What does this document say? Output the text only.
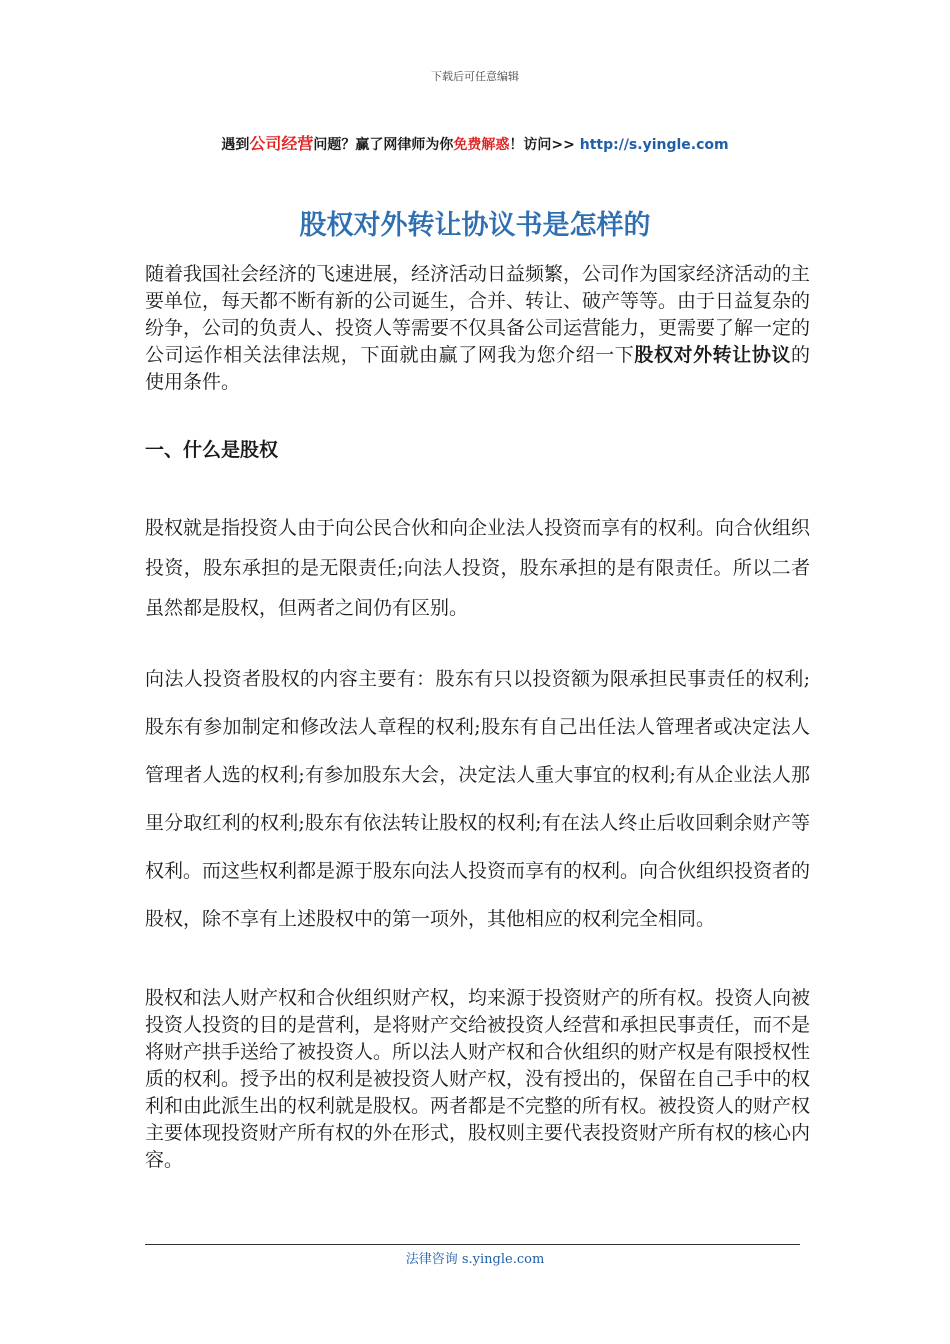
下载后可任意编辑
遇到公司经营问题？赢了网律师为你免费解惑！访问>> http://s.yingle.com
股权对外转让协议书是怎样的
随着我国社会经济的飞速进展，经济活动日益频繁，公司作为国家经济活动的主要单位，每天都不断有新的公司诞生，合并、转让、破产等等。由于日益复杂的纷争，公司的负责人、投资人等需要不仅具备公司运营能力，更需要了解一定的公司运作相关法律法规，下面就由赢了网我为您介绍一下股权对外转让协议的使用条件。
一、什么是股权
股权就是指投资人由于向公民合伙和向企业法人投资而享有的权利。向合伙组织投资，股东承担的是无限责任;向法人投资，股东承担的是有限责任。所以二者虽然都是股权，但两者之间仍有区别。
向法人投资者股权的内容主要有：股东有只以投资额为限承担民事责任的权利;股东有参加制定和修改法人章程的权利;股东有自己出任法人管理者或决定法人管理者人选的权利;有参加股东大会，决定法人重大事宜的权利;有从企业法人那里分取红利的权利;股东有依法转让股权的权利;有在法人终止后收回剩余财产等权利。而这些权利都是源于股东向法人投资而享有的权利。向合伙组织投资者的股权，除不享有上述股权中的第一项外，其他相应的权利完全相同。
股权和法人财产权和合伙组织财产权，均来源于投资财产的所有权。投资人向被投资人投资的目的是营利，是将财产交给被投资人经营和承担民事责任，而不是将财产拱手送给了被投资人。所以法人财产权和合伙组织的财产权是有限授权性质的权利。授予出的权利是被投资人财产权，没有授出的，保留在自己手中的权利和由此派生出的权利就是股权。两者都是不完整的所有权。被投资人的财产权主要体现投资财产所有权的外在形式，股权则主要代表投资财产所有权的核心内容。
法律咨询 s.yingle.com
